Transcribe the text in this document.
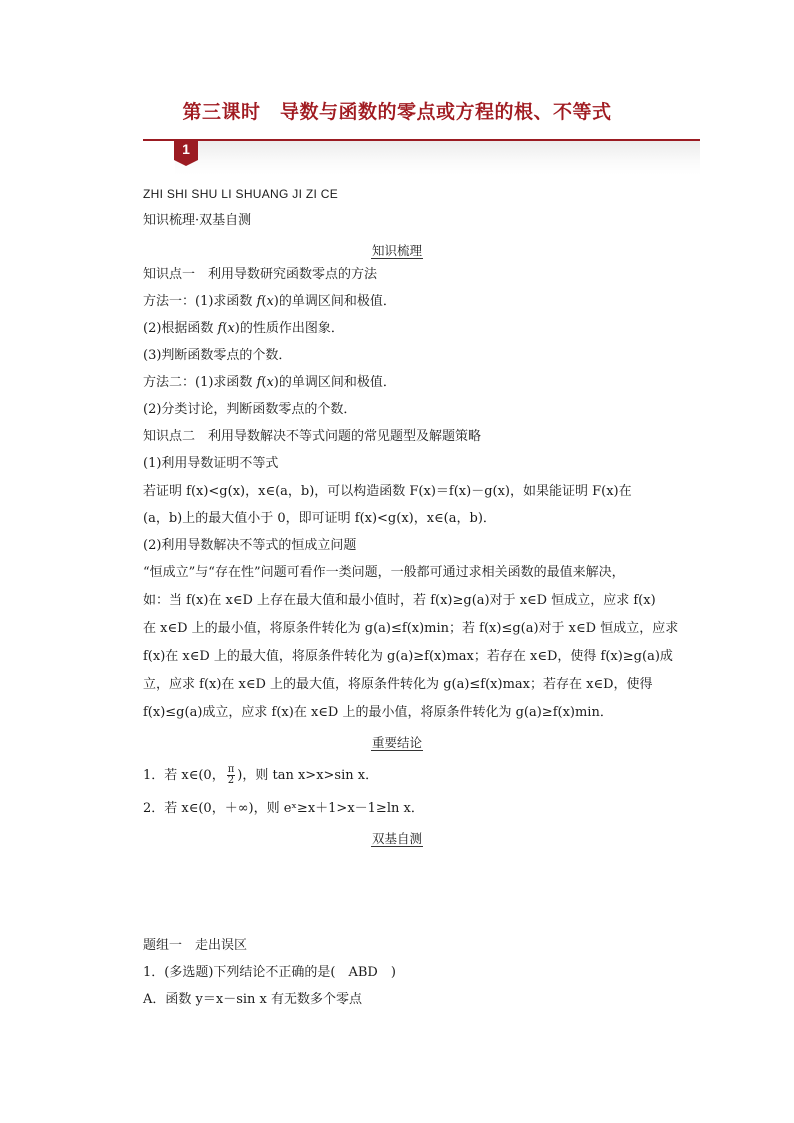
第三课时　导数与函数的零点或方程的根、不等式
1
ZHI SHI SHU LI SHUANG JI ZI CE
知识梳理·双基自测
知识梳理
知识点一　利用导数研究函数零点的方法
方法一：(1)求函数 f(x)的单调区间和极值．
(2)根据函数 f(x)的性质作出图象．
(3)判断函数零点的个数．
方法二：(1)求函数 f(x)的单调区间和极值．
(2)分类讨论，判断函数零点的个数．
知识点二　利用导数解决不等式问题的常见题型及解题策略
(1)利用导数证明不等式
若证明 f(x)<g(x)，x∈(a，b)，可以构造函数 F(x)＝f(x)－g(x)，如果能证明 F(x)在
(a，b)上的最大值小于 0，即可证明 f(x)<g(x)，x∈(a，b)．
(2)利用导数解决不等式的恒成立问题
“恒成立”与“存在性”问题可看作一类问题，一般都可通过求相关函数的最值来解决，
如：当 f(x)在 x∈D 上存在最大值和最小值时，若 f(x)≥g(a)对于 x∈D 恒成立，应求 f(x)
在 x∈D 上的最小值，将原条件转化为 g(a)≤f(x)min；若 f(x)≤g(a)对于 x∈D 恒成立，应求
f(x)在 x∈D 上的最大值，将原条件转化为 g(a)≥f(x)max；若存在 x∈D，使得 f(x)≥g(a)成
立，应求 f(x)在 x∈D 上的最大值，将原条件转化为 g(a)≤f(x)max；若存在 x∈D，使得
f(x)≤g(a)成立，应求 f(x)在 x∈D 上的最小值，将原条件转化为 g(a)≥f(x)min．
重要结论
1．若 x∈(0， $\frac{\pi}{2}$ )，则 tan x>x>sin x．
2．若 x∈(0，＋∞)，则 eˣ≥x＋1>x－1≥ln x．
双基自测
题组一　走出误区
1．(多选题)下列结论不正确的是(　ABD　)
A．函数 y＝x－sin x 有无数多个零点
